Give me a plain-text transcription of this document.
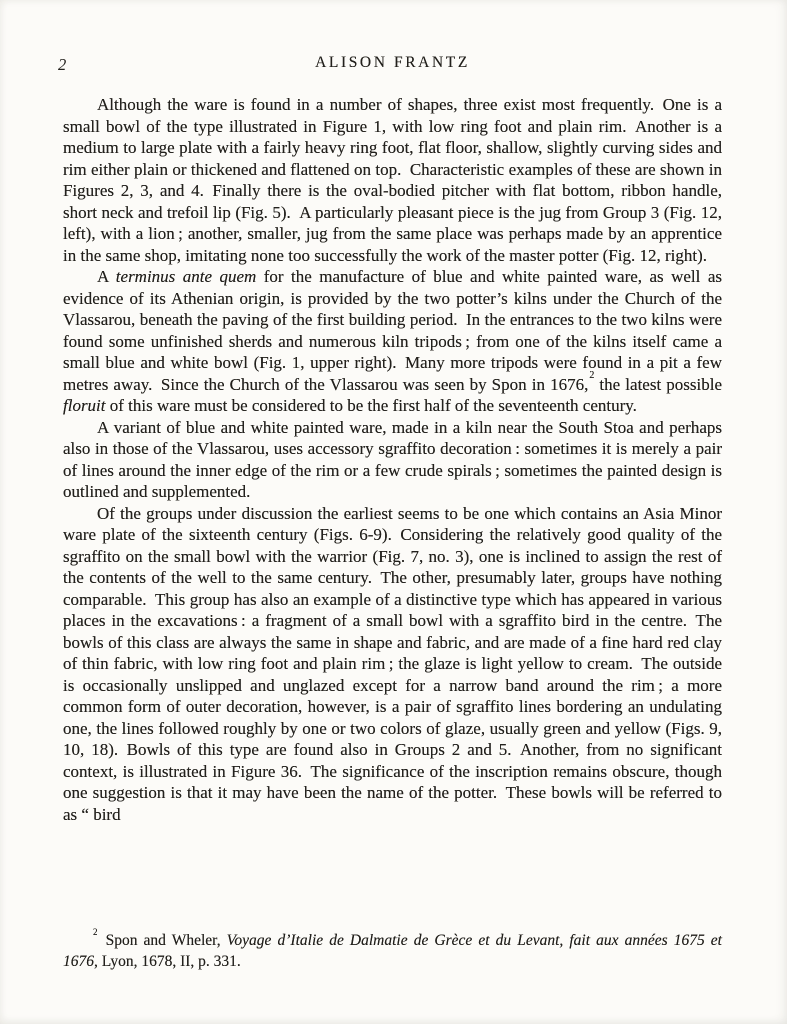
2	ALISON FRANTZ

Although the ware is found in a number of shapes, three exist most frequently. One is a small bowl of the type illustrated in Figure 1, with low ring foot and plain rim. Another is a medium to large plate with a fairly heavy ring foot, flat floor, shallow, slightly curving sides and rim either plain or thickened and flattened on top. Characteristic examples of these are shown in Figures 2, 3, and 4. Finally there is the oval-bodied pitcher with flat bottom, ribbon handle, short neck and trefoil lip (Fig. 5). A particularly pleasant piece is the jug from Group 3 (Fig. 12, left), with a lion ; another, smaller, jug from the same place was perhaps made by an apprentice in the same shop, imitating none too successfully the work of the master potter (Fig. 12, right).

A terminus ante quem for the manufacture of blue and white painted ware, as well as evidence of its Athenian origin, is provided by the two potter’s kilns under the Church of the Vlassarou, beneath the paving of the first building period. In the entrances to the two kilns were found some unfinished sherds and numerous kiln tripods ; from one of the kilns itself came a small blue and white bowl (Fig. 1, upper right). Many more tripods were found in a pit a few metres away. Since the Church of the Vlassarou was seen by Spon in 1676,$^2$ the latest possible floruit of this ware must be considered to be the first half of the seventeenth century.

A variant of blue and white painted ware, made in a kiln near the South Stoa and perhaps also in those of the Vlassarou, uses accessory sgraffito decoration : sometimes it is merely a pair of lines around the inner edge of the rim or a few crude spirals ; sometimes the painted design is outlined and supplemented.

Of the groups under discussion the earliest seems to be one which contains an Asia Minor ware plate of the sixteenth century (Figs. 6-9). Considering the relatively good quality of the sgraffito on the small bowl with the warrior (Fig. 7, no. 3), one is inclined to assign the rest of the contents of the well to the same century. The other, presumably later, groups have nothing comparable. This group has also an example of a distinctive type which has appeared in various places in the excavations : a fragment of a small bowl with a sgraffito bird in the centre. The bowls of this class are always the same in shape and fabric, and are made of a fine hard red clay of thin fabric, with low ring foot and plain rim ; the glaze is light yellow to cream. The outside is occasionally unslipped and unglazed except for a narrow band around the rim ; a more common form of outer decoration, however, is a pair of sgraffito lines bordering an undulating one, the lines followed roughly by one or two colors of glaze, usually green and yellow (Figs. 9, 10, 18). Bowls of this type are found also in Groups 2 and 5. Another, from no significant context, is illustrated in Figure 36. The significance of the inscription remains obscure, though one suggestion is that it may have been the name of the potter. These bowls will be referred to as “ bird

$^2$ Spon and Wheler, Voyage d’Italie de Dalmatie de Grèce et du Levant, fait aux années 1675 et 1676, Lyon, 1678, II, p. 331.
